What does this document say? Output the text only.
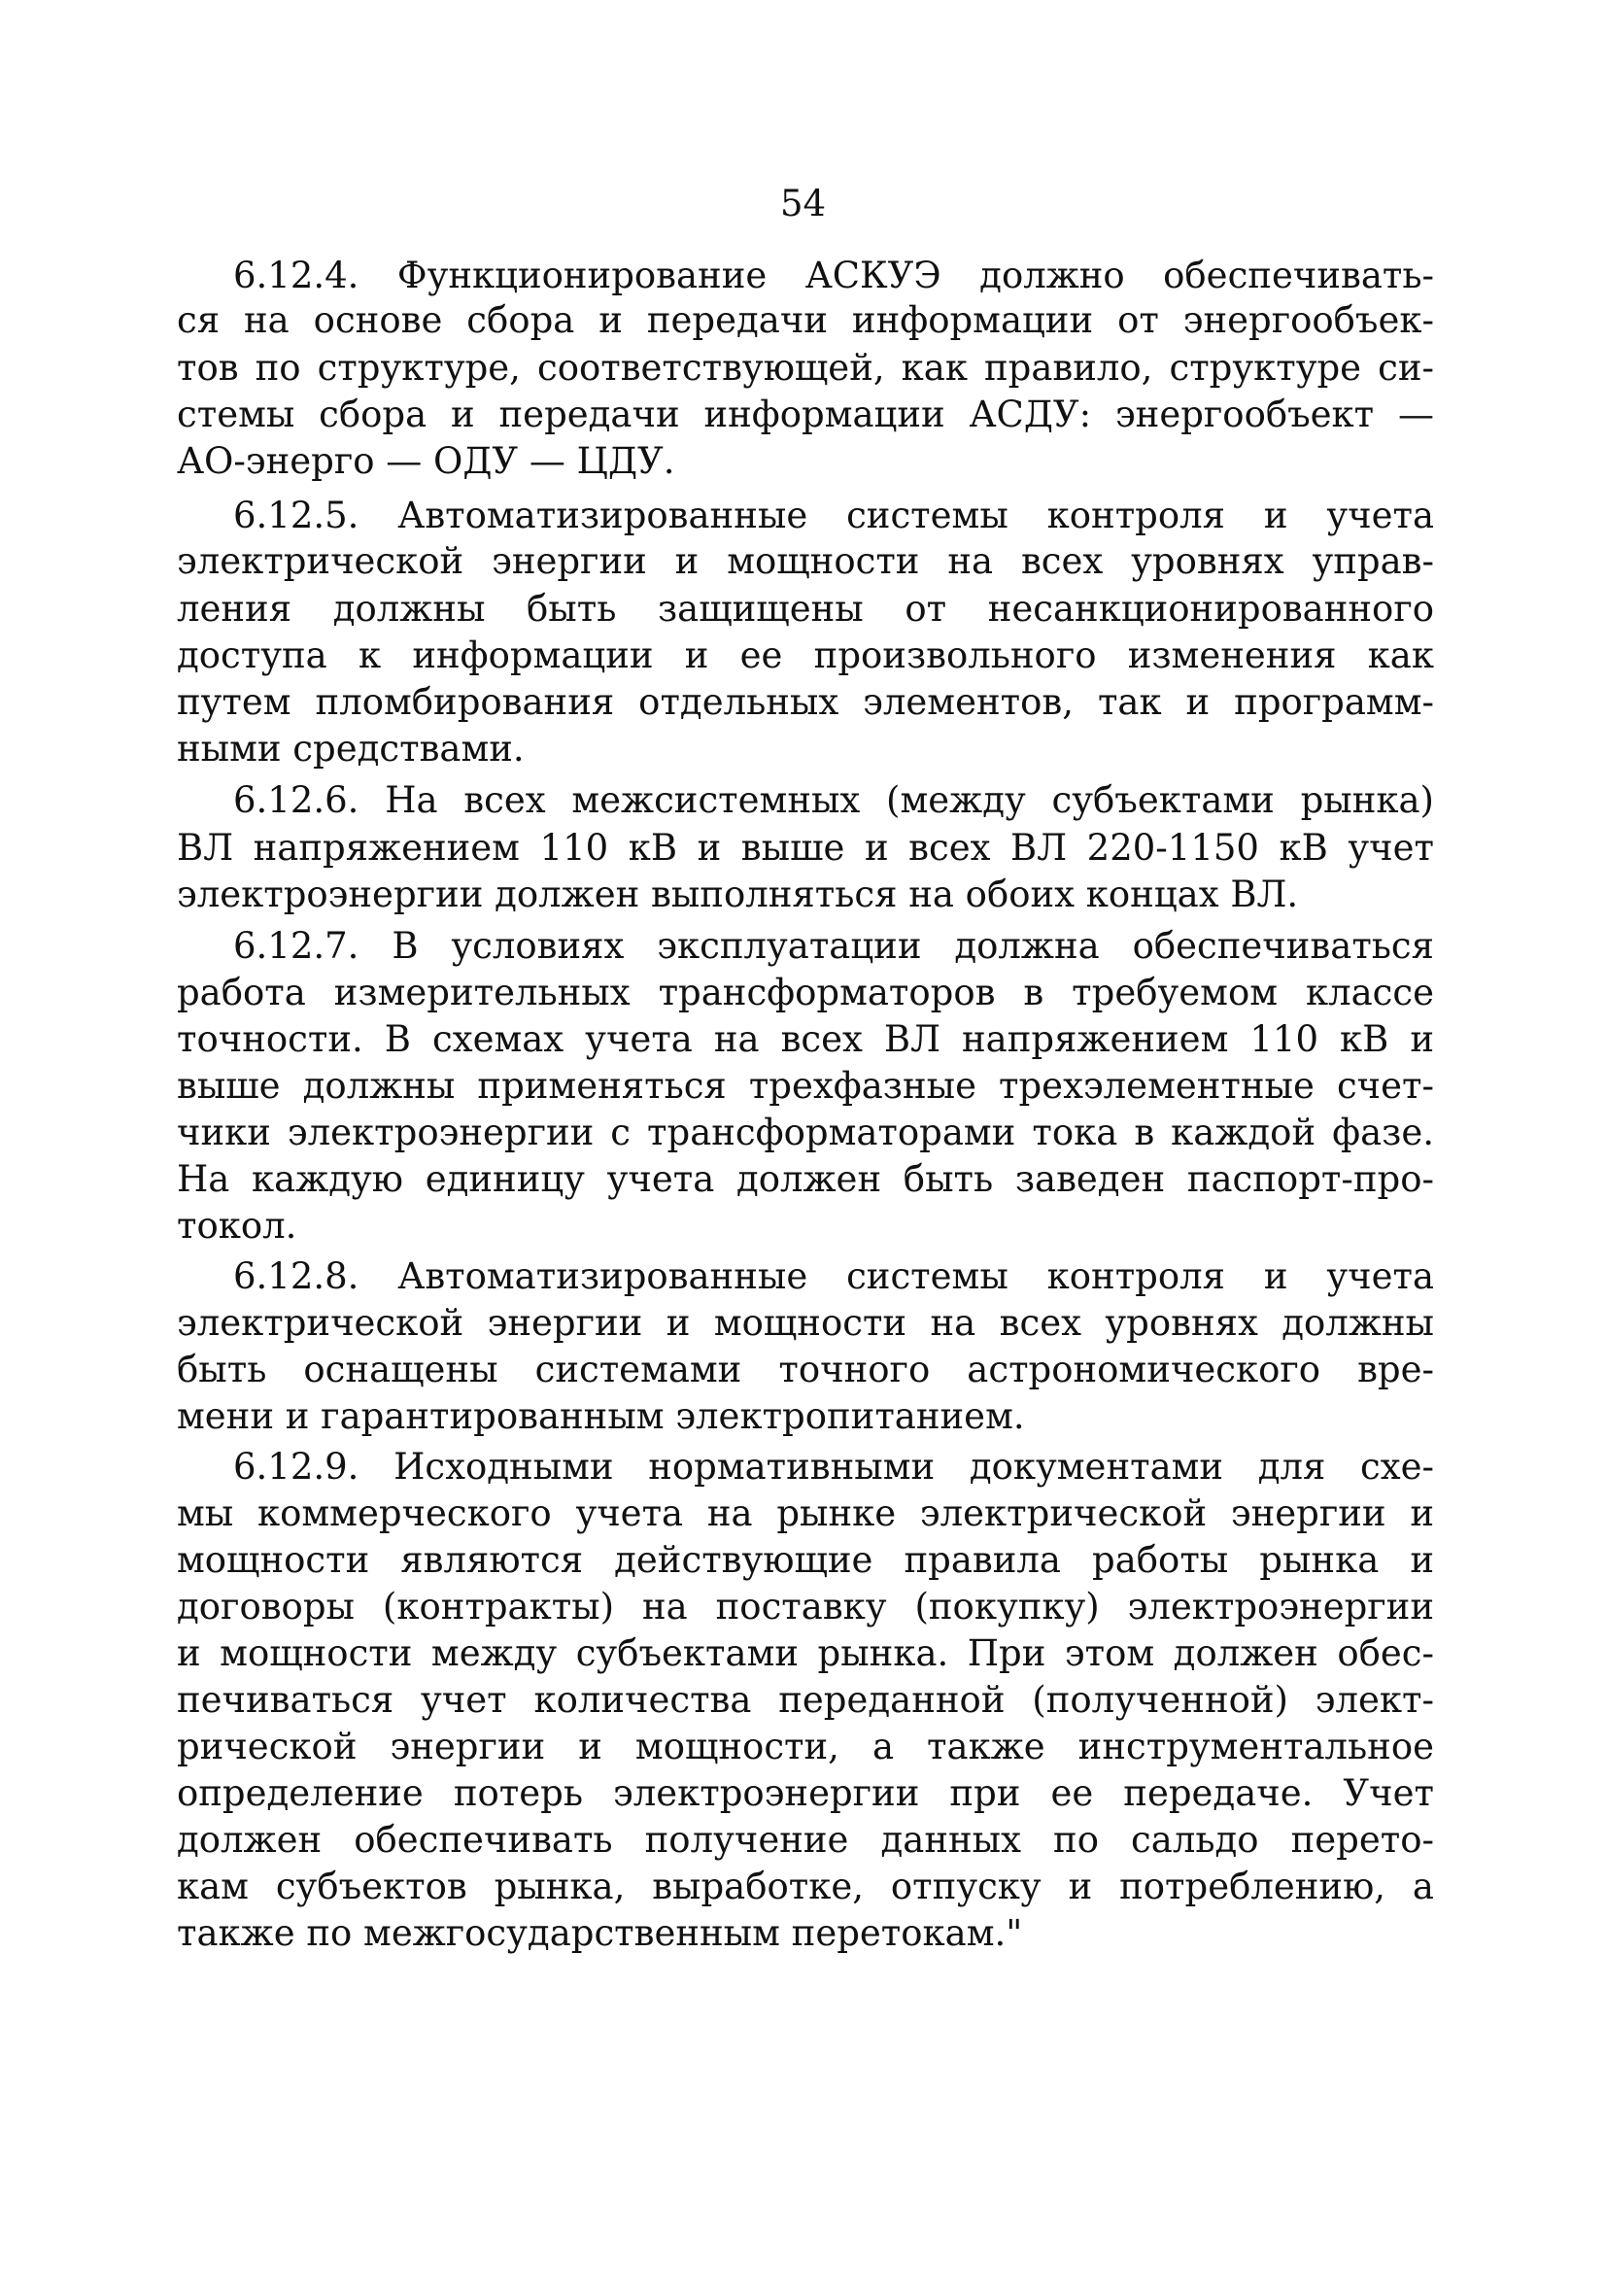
54
6.12.4. Функционирование АСКУЭ должно обеспечивать-
ся на основе сбора и передачи информации от энергообъек-
тов по структуре, соответствующей, как правило, структуре си-
стемы сбора и передачи информации АСДУ: энергообъект —
АО-энерго — ОДУ — ЦДУ.
6.12.5. Автоматизированные системы контроля и учета
электрической энергии и мощности на всех уровнях управ-
ления должны быть защищены от несанкционированного
доступа к информации и ее произвольного изменения как
путем пломбирования отдельных элементов, так и программ-
ными средствами.
6.12.6. На всех межсистемных (между субъектами рынка)
ВЛ напряжением 110 кВ и выше и всех ВЛ 220-1150 кВ учет
электроэнергии должен выполняться на обоих концах ВЛ.
6.12.7. В условиях эксплуатации должна обеспечиваться
работа измерительных трансформаторов в требуемом классе
точности. В схемах учета на всех ВЛ напряжением 110 кВ и
выше должны применяться трехфазные трехэлементные счет-
чики электроэнергии с трансформаторами тока в каждой фазе.
На каждую единицу учета должен быть заведен паспорт-про-
токол.
6.12.8. Автоматизированные системы контроля и учета
электрической энергии и мощности на всех уровнях должны
быть оснащены системами точного астрономического вре-
мени и гарантированным электропитанием.
6.12.9. Исходными нормативными документами для схе-
мы коммерческого учета на рынке электрической энергии и
мощности являются действующие правила работы рынка и
договоры (контракты) на поставку (покупку) электроэнергии
и мощности между субъектами рынка. При этом должен обес-
печиваться учет количества переданной (полученной) элект-
рической энергии и мощности, а также инструментальное
определение потерь электроэнергии при ее передаче. Учет
должен обеспечивать получение данных по сальдо перето-
кам субъектов рынка, выработке, отпуску и потреблению, а
также по межгосударственным перетокам."
